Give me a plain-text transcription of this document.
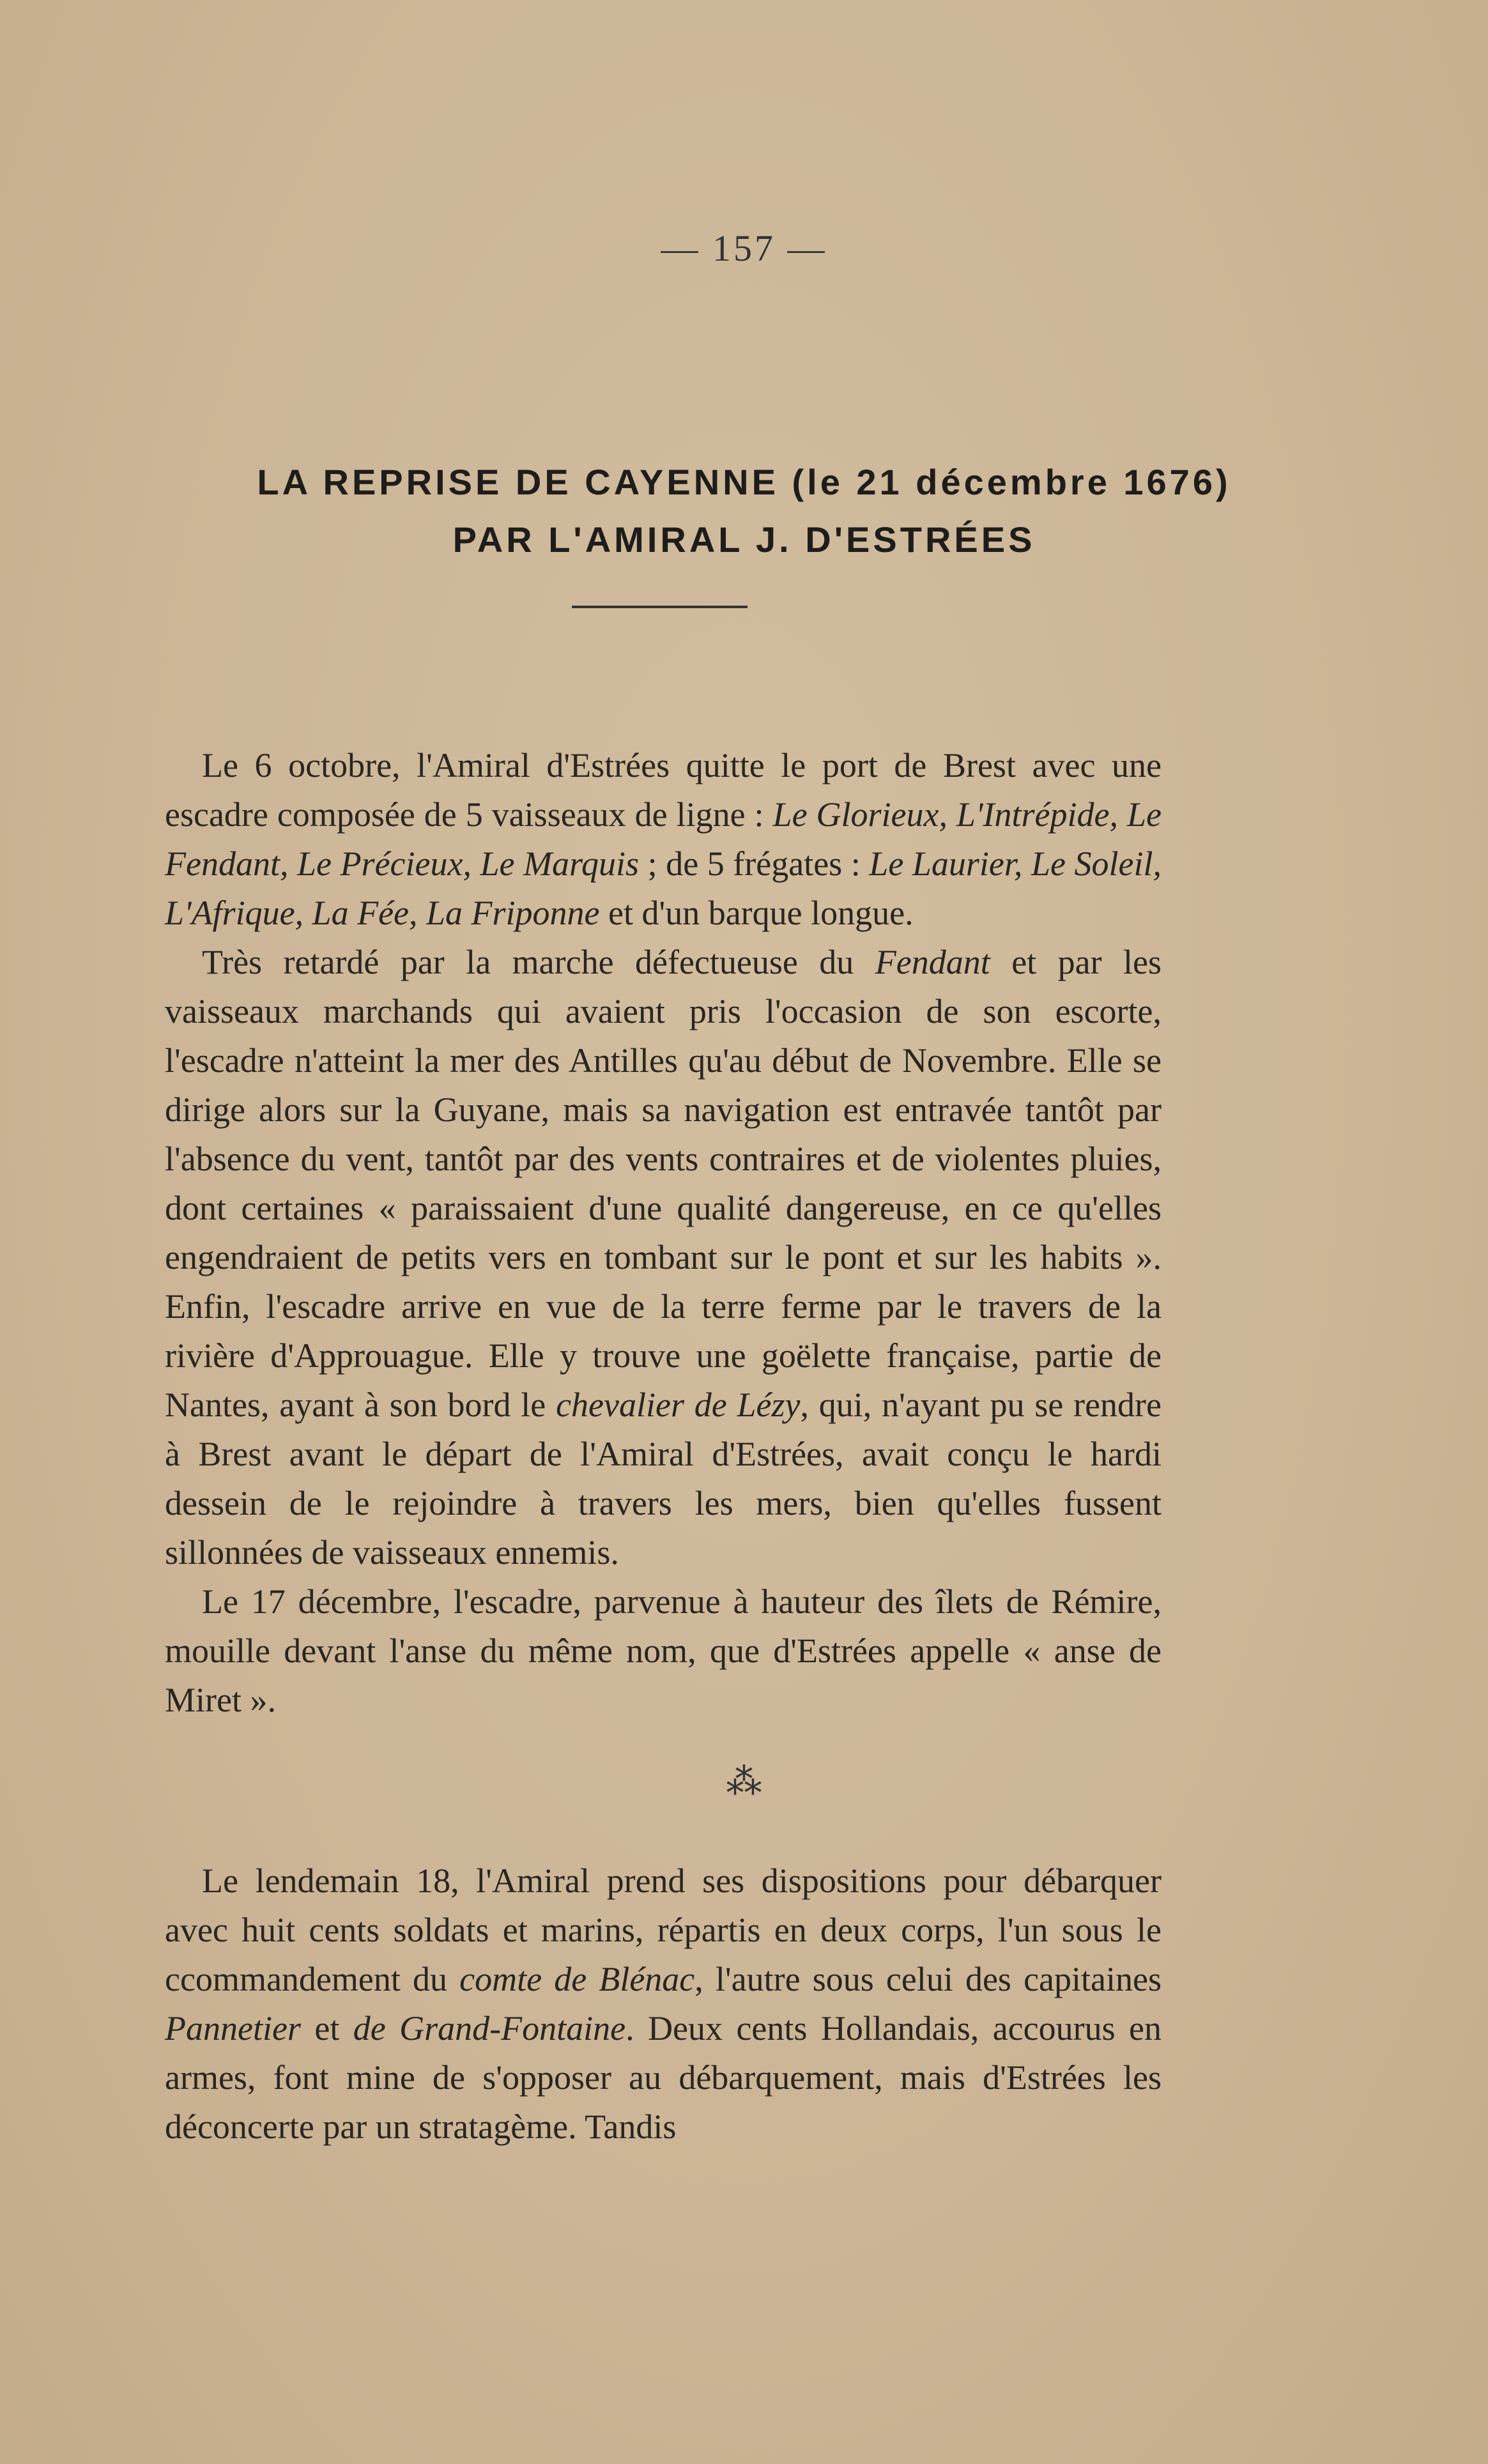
— 157 —
LA REPRISE DE CAYENNE (le 21 décembre 1676)
PAR L'AMIRAL J. D'ESTRÉES

Le 6 octobre, l'Amiral d'Estrées quitte le port de Brest avec une escadre composée de 5 vaisseaux de ligne : Le Glorieux, L'Intrépide, Le Fendant, Le Précieux, Le Marquis ; de 5 frégates : Le Laurier, Le Soleil, L'Afrique, La Fée, La Friponne et d'un barque longue.

Très retardé par la marche défectueuse du Fendant et par les vaisseaux marchands qui avaient pris l'occasion de son escorte, l'escadre n'atteint la mer des Antilles qu'au début de Novembre. Elle se dirige alors sur la Guyane, mais sa navigation est entravée tantôt par l'absence du vent, tantôt par des vents contraires et de violentes pluies, dont certaines « paraissaient d'une qualité dangereuse, en ce qu'elles engendraient de petits vers en tombant sur le pont et sur les habits ». Enfin, l'escadre arrive en vue de la terre ferme par le travers de la rivière d'Approuague. Elle y trouve une goëlette française, partie de Nantes, ayant à son bord le chevalier de Lézy, qui, n'ayant pu se rendre à Brest avant le départ de l'Amiral d'Estrées, avait conçu le hardi dessein de le rejoindre à travers les mers, bien qu'elles fussent sillonnées de vaisseaux ennemis.

Le 17 décembre, l'escadre, parvenue à hauteur des îlets de Rémire, mouille devant l'anse du même nom, que d'Estrées appelle « anse de Miret ».

⁂

Le lendemain 18, l'Amiral prend ses dispositions pour débarquer avec huit cents soldats et marins, répartis en deux corps, l'un sous le ccommandement du comte de Blénac, l'autre sous celui des capitaines Pannetier et de Grand-Fontaine. Deux cents Hollandais, accourus en armes, font mine de s'opposer au débarquement, mais d'Estrées les déconcerte par un stratagème. Tandis
